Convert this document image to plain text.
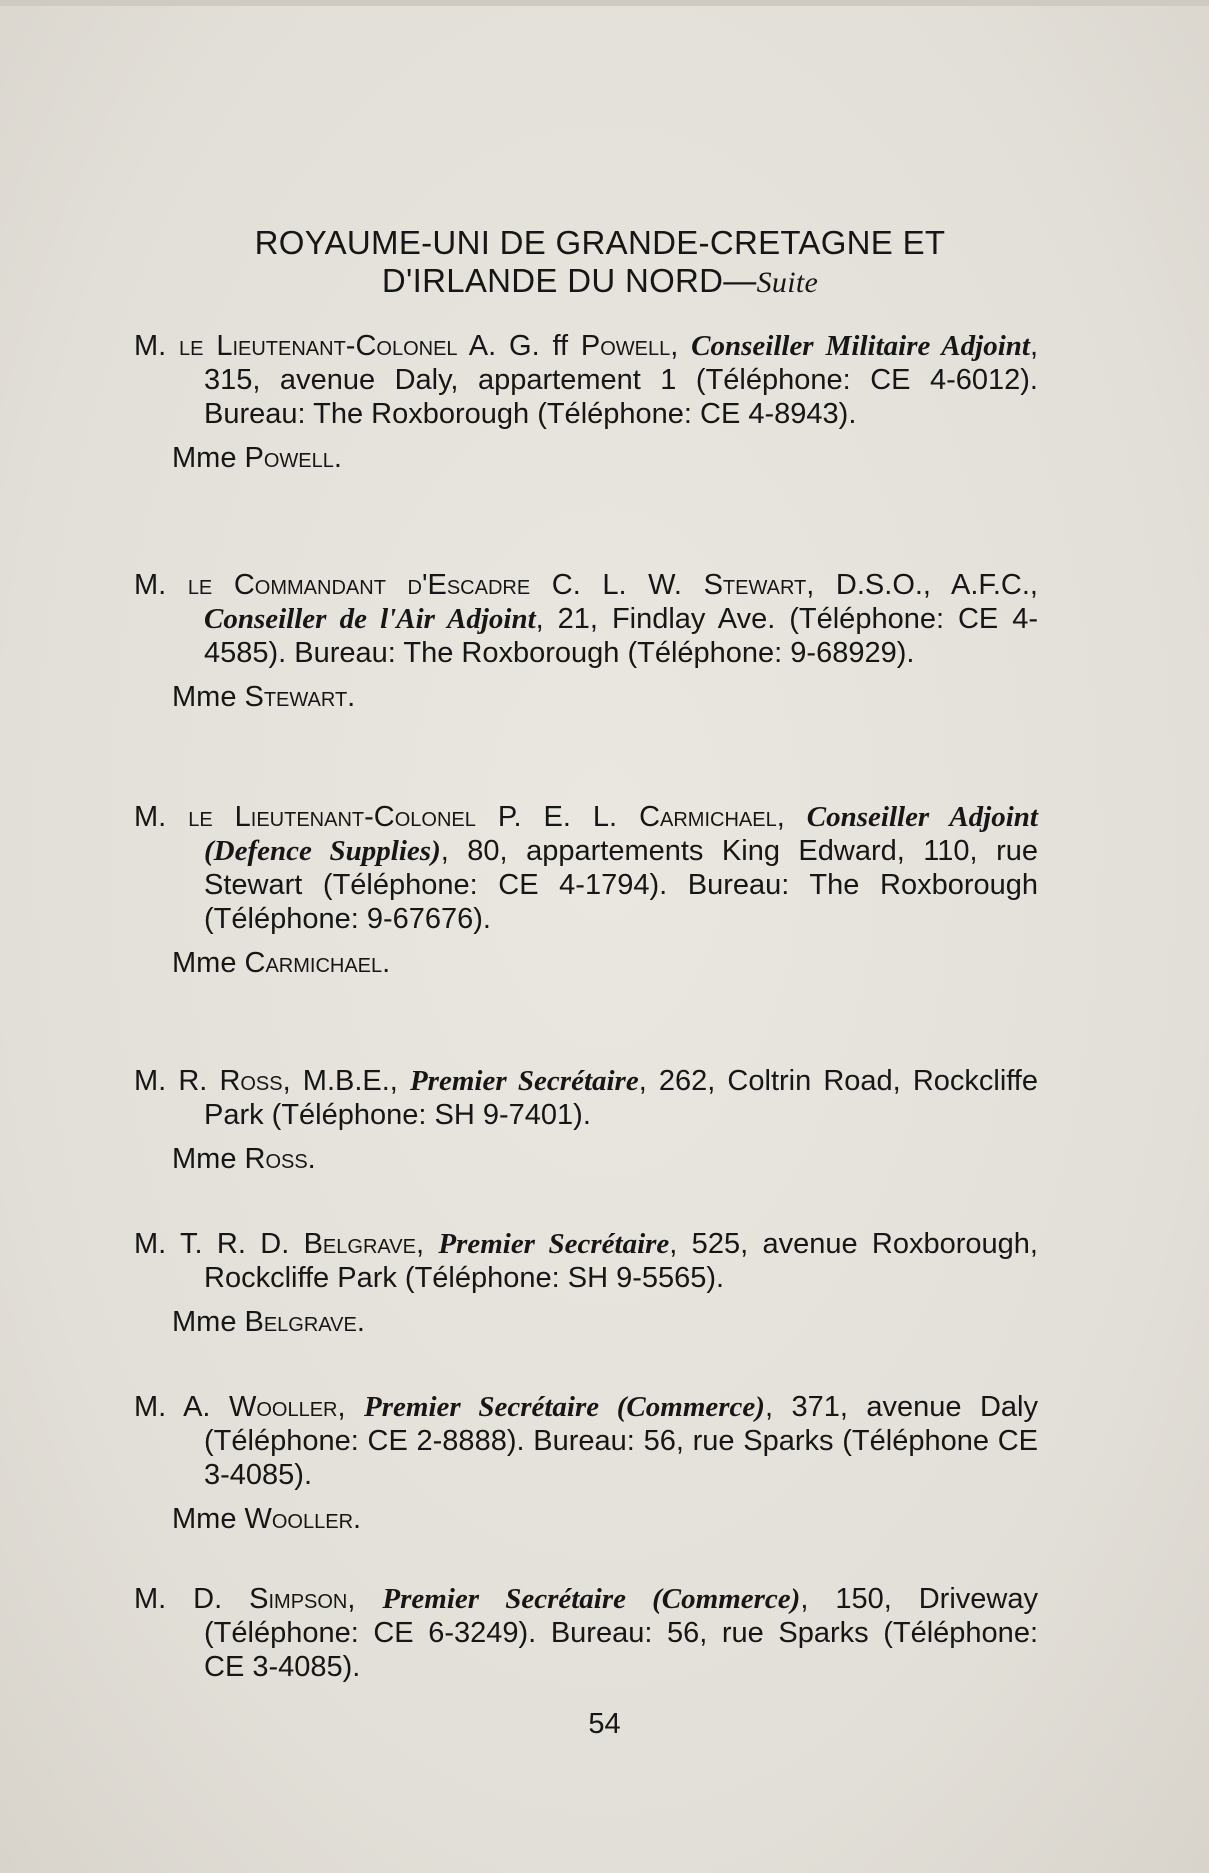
ROYAUME-UNI DE GRANDE-CRETAGNE ET
D'IRLANDE DU NORD—Suite

M. le Lieutenant-Colonel A. G. ff Powell, Conseiller Militaire Adjoint, 315, avenue Daly, appartement 1 (Téléphone: CE 4-6012). Bureau: The Roxborough (Téléphone: CE 4-8943).

Mme Powell.

M. le Commandant d'Escadre C. L. W. Stewart, D.S.O., A.F.C., Conseiller de l'Air Adjoint, 21, Findlay Ave. (Téléphone: CE 4-4585). Bureau: The Roxborough (Téléphone: 9-68929).

Mme Stewart.

M. le Lieutenant-Colonel P. E. L. Carmichael, Conseiller Adjoint (Defence Supplies), 80, appartements King Edward, 110, rue Stewart (Téléphone: CE 4-1794). Bureau: The Roxborough (Téléphone: 9-67676).

Mme Carmichael.

M. R. Ross, M.B.E., Premier Secrétaire, 262, Coltrin Road, Rockcliffe Park (Téléphone: SH 9-7401).

Mme Ross.

M. T. R. D. Belgrave, Premier Secrétaire, 525, avenue Roxborough, Rockcliffe Park (Téléphone: SH 9-5565).

Mme Belgrave.

M. A. Wooller, Premier Secrétaire (Commerce), 371, avenue Daly (Téléphone: CE 2-8888). Bureau: 56, rue Sparks (Téléphone CE 3-4085).

Mme Wooller.

M. D. Simpson, Premier Secrétaire (Commerce), 150, Driveway (Téléphone: CE 6-3249). Bureau: 56, rue Sparks (Téléphone: CE 3-4085).

54
